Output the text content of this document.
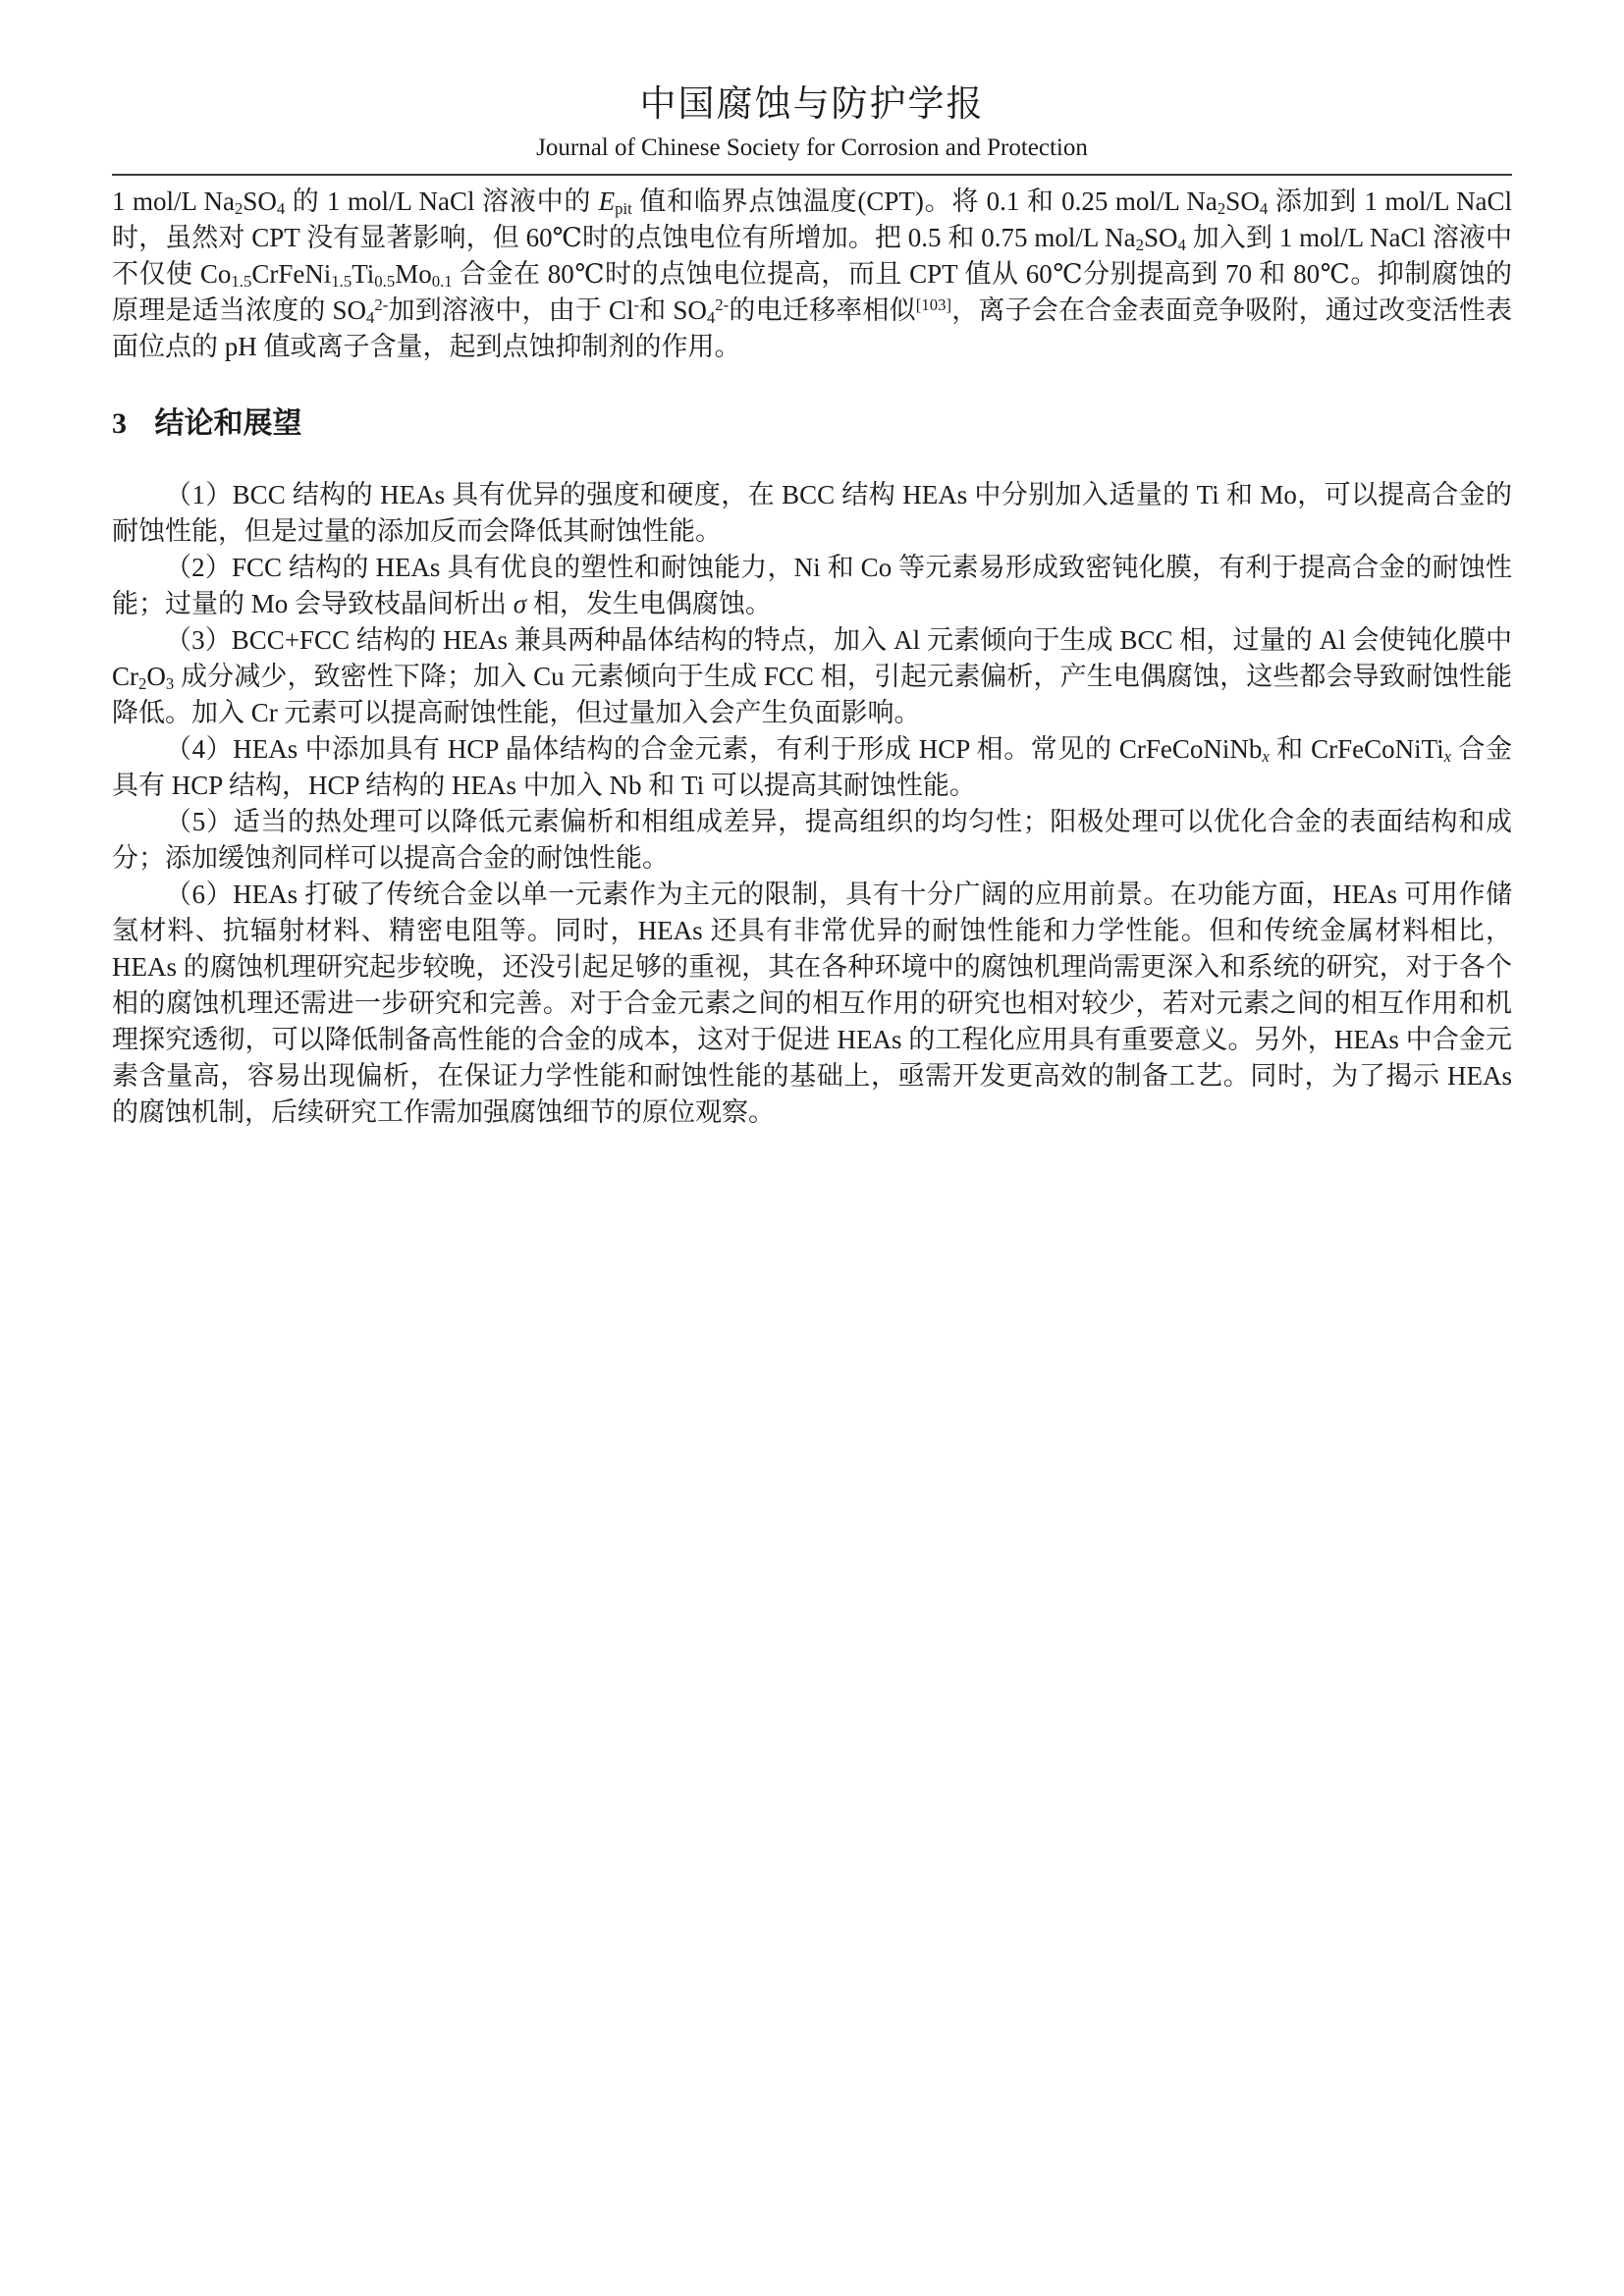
中国腐蚀与防护学报
Journal of Chinese Society for Corrosion and Protection

1 mol/L $Na_2SO_4$ 的 1 mol/L NaCl 溶液中的 $E_{pit}$ 值和临界点蚀温度(CPT)。将 0.1 和 0.25 mol/L $Na_2SO_4$ 添加到 1 mol/L NaCl 时，虽然对 CPT 没有显著影响，但 60℃时的点蚀电位有所增加。把 0.5 和 0.75 mol/L $Na_2SO_4$ 加入到 1 mol/L NaCl 溶液中不仅使 $Co_{1.5}CrFeNi_{1.5}Ti_{0.5}Mo_{0.1}$ 合金在 80℃时的点蚀电位提高，而且 CPT 值从 60℃分别提高到 70 和 80℃。抑制腐蚀的原理是适当浓度的 $SO_4^{2-}$加到溶液中，由于 Cl-和 $SO_4^{2-}$的电迁移率相似[103]，离子会在合金表面竞争吸附，通过改变活性表面位点的 pH 值或离子含量，起到点蚀抑制剂的作用。

3 结论和展望

（1）BCC 结构的 HEAs 具有优异的强度和硬度，在 BCC 结构 HEAs 中分别加入适量的 Ti 和 Mo，可以提高合金的耐蚀性能，但是过量的添加反而会降低其耐蚀性能。

（2）FCC 结构的 HEAs 具有优良的塑性和耐蚀能力，Ni 和 Co 等元素易形成致密钝化膜，有利于提高合金的耐蚀性能；过量的 Mo 会导致枝晶间析出 σ 相，发生电偶腐蚀。

（3）BCC+FCC 结构的 HEAs 兼具两种晶体结构的特点，加入 Al 元素倾向于生成 BCC 相，过量的 Al 会使钝化膜中 $Cr_2O_3$ 成分减少，致密性下降；加入 Cu 元素倾向于生成 FCC 相，引起元素偏析，产生电偶腐蚀，这些都会导致耐蚀性能降低。加入 Cr 元素可以提高耐蚀性能，但过量加入会产生负面影响。

（4）HEAs 中添加具有 HCP 晶体结构的合金元素，有利于形成 HCP 相。常见的 CrFeCoNiNb$_x$ 和 CrFeCoNiTi$_x$ 合金具有 HCP 结构，HCP 结构的 HEAs 中加入 Nb 和 Ti 可以提高其耐蚀性能。

（5）适当的热处理可以降低元素偏析和相组成差异，提高组织的均匀性；阳极处理可以优化合金的表面结构和成分；添加缓蚀剂同样可以提高合金的耐蚀性能。

（6）HEAs 打破了传统合金以单一元素作为主元的限制，具有十分广阔的应用前景。在功能方面，HEAs 可用作储氢材料、抗辐射材料、精密电阻等。同时，HEAs 还具有非常优异的耐蚀性能和力学性能。但和传统金属材料相比，HEAs 的腐蚀机理研究起步较晚，还没引起足够的重视，其在各种环境中的腐蚀机理尚需更深入和系统的研究，对于各个相的腐蚀机理还需进一步研究和完善。对于合金元素之间的相互作用的研究也相对较少，若对元素之间的相互作用和机理探究透彻，可以降低制备高性能的合金的成本，这对于促进 HEAs 的工程化应用具有重要意义。另外，HEAs 中合金元素含量高，容易出现偏析，在保证力学性能和耐蚀性能的基础上，亟需开发更高效的制备工艺。同时，为了揭示 HEAs 的腐蚀机制，后续研究工作需加强腐蚀细节的原位观察。
